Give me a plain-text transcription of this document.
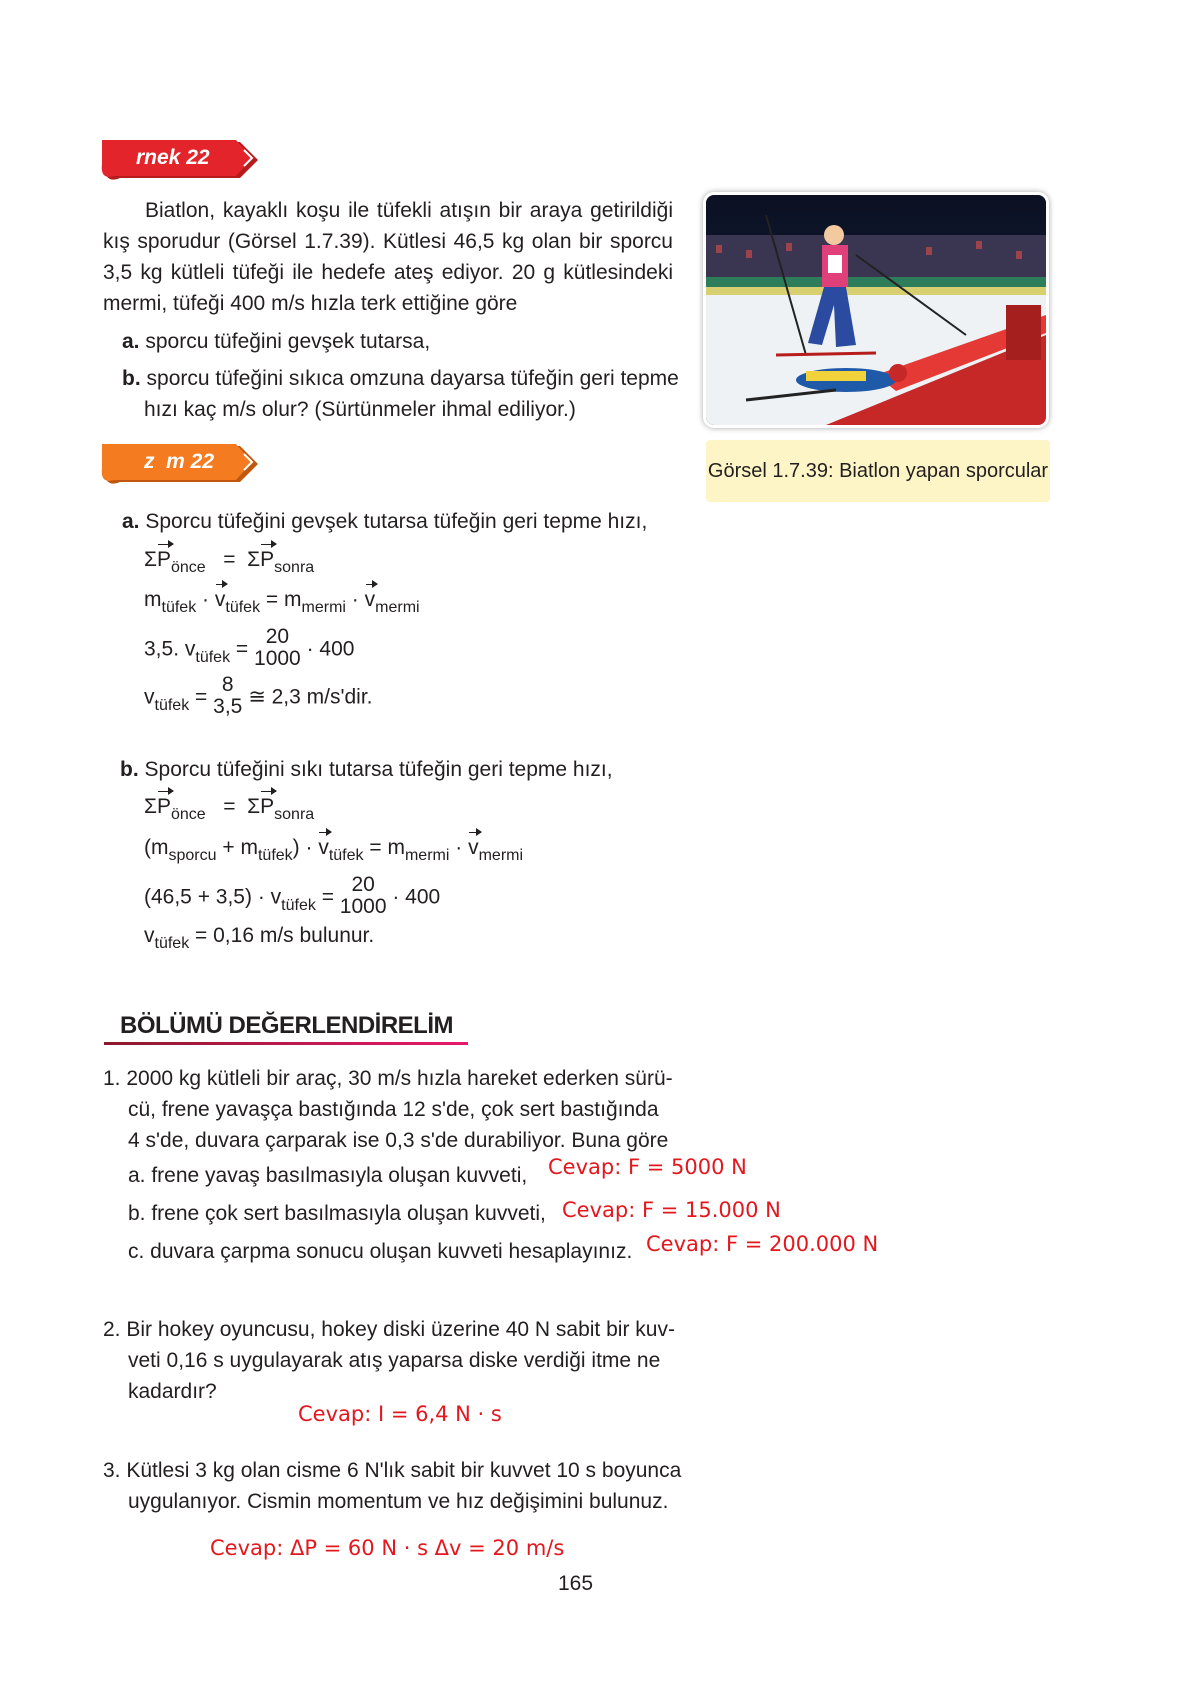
rnek 22
Biatlon, kayaklı koşu ile tüfekli atışın bir araya getirildiği kış sporudur (Görsel 1.7.39). Kütlesi 46,5 kg olan bir sporcu 3,5 kg kütleli tüfeği ile hedefe ateş ediyor. 20 g kütlesindeki mermi, tüfeği 400 m/s hızla terk ettiğine göre
a. sporcu tüfeğini gevşek tutarsa,
b. sporcu tüfeğini sıkıca omzuna dayarsa tüfeğin geri tepme
hızı kaç m/s olur? (Sürtünmeler ihmal ediliyor.)
Görsel 1.7.39: Biatlon yapan sporcular
z  m 22
a. Sporcu tüfeğini gevşek tutarsa tüfeğin geri tepme hızı,
$\Sigma P_{önce} = \Sigma P_{sonra}$
$m_{tüfek} \cdot v_{tüfek} = m_{mermi} \cdot v_{mermi}$
3,5. $v_{tüfek}$ =
20
1000 · 400
$v_{tüfek}$ =
8
3,5 ≅ 2,3 m/s'dir.
b. Sporcu tüfeğini sıkı tutarsa tüfeğin geri tepme hızı,
$\Sigma P_{önce} = \Sigma P_{sonra}$
$(m_{sporcu} + m_{tüfek}) \cdot v_{tüfek} = m_{mermi} \cdot v_{mermi}$
$(46,5 + 3,5) \cdot v_{tüfek}$ =
20
1000 · 400
$v_{tüfek} = 0,16$ m/s bulunur.
BÖLÜMÜ DEĞERLENDİRELİM
1. 2000 kg kütleli bir araç, 30 m/s hızla hareket ederken sürü-
cü, frene yavaşça bastığında 12 s'de, çok sert bastığında
4 s'de, duvara çarparak ise 0,3 s'de durabiliyor. Buna göre
a. frene yavaş basılmasıyla oluşan kuvveti,
b. frene çok sert basılmasıyla oluşan kuvveti,
c. duvara çarpma sonucu oluşan kuvveti hesaplayınız.
Cevap: F = 5000 N
Cevap: F = 15.000 N
Cevap: F = 200.000 N
2. Bir hokey oyuncusu, hokey diski üzerine 40 N sabit bir kuv-
veti 0,16 s uygulayarak atış yaparsa diske verdiği itme ne
kadardır?
Cevap: I = 6,4 N · s
3. Kütlesi 3 kg olan cisme 6 N'lık sabit bir kuvvet 10 s boyunca
uygulanıyor. Cismin momentum ve hız değişimini bulunuz.
Cevap: ΔP = 60 N · s Δv = 20 m/s
165
